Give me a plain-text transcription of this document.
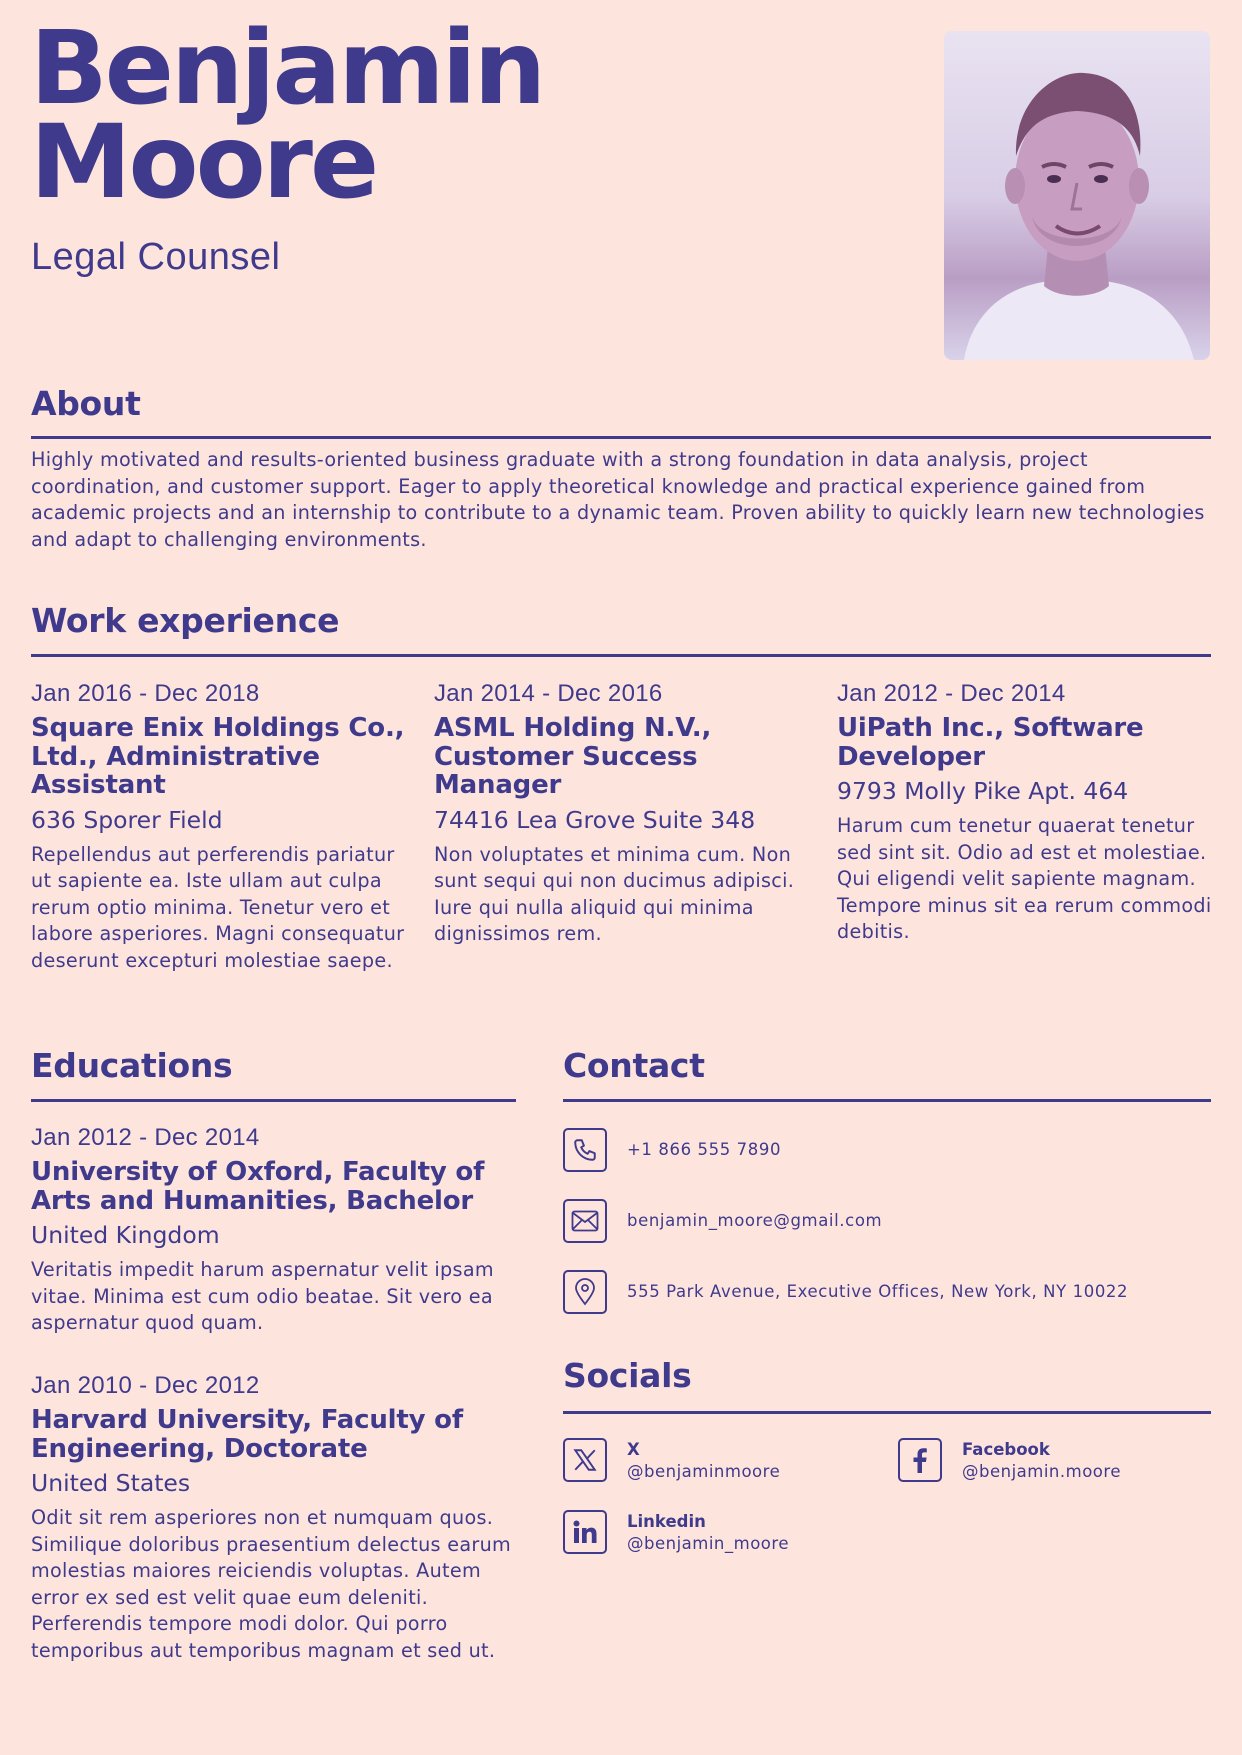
Benjamin
Moore
Legal Counsel
About
Highly motivated and results-oriented business graduate with a strong foundation in data analysis, project coordination, and customer support. Eager to apply theoretical knowledge and practical experience gained from academic projects and an internship to contribute to a dynamic team. Proven ability to quickly learn new technologies and adapt to challenging environments.
Work experience
Jan 2016 - Dec 2018
Square Enix Holdings Co., Ltd., Administrative Assistant
636 Sporer Field
Repellendus aut perferendis pariatur ut sapiente ea. Iste ullam aut culpa rerum optio minima. Tenetur vero et labore asperiores. Magni consequatur deserunt excepturi molestiae saepe.
Jan 2014 - Dec 2016
ASML Holding N.V., Customer Success Manager
74416 Lea Grove Suite 348
Non voluptates et minima cum. Non sunt sequi qui non ducimus adipisci. Iure qui nulla aliquid qui minima dignissimos rem.
Jan 2012 - Dec 2014
UiPath Inc., Software Developer
9793 Molly Pike Apt. 464
Harum cum tenetur quaerat tenetur sed sint sit. Odio ad est et molestiae. Qui eligendi velit sapiente magnam. Tempore minus sit ea rerum commodi debitis.
Educations
Jan 2012 - Dec 2014
University of Oxford, Faculty of Arts and Humanities, Bachelor
United Kingdom
Veritatis impedit harum aspernatur velit ipsam vitae. Minima est cum odio beatae. Sit vero ea aspernatur quod quam.
Jan 2010 - Dec 2012
Harvard University, Faculty of Engineering, Doctorate
United States
Odit sit rem asperiores non et numquam quos. Similique doloribus praesentium delectus earum molestias maiores reiciendis voluptas. Autem error ex sed est velit quae eum deleniti. Perferendis tempore modi dolor. Qui porro temporibus aut temporibus magnam et sed ut.
Contact
+1 866 555 7890
benjamin_moore@gmail.com
555 Park Avenue, Executive Offices, New York, NY 10022
Socials
X
@benjaminmoore
Facebook
@benjamin.moore
Linkedin
@benjamin_moore
